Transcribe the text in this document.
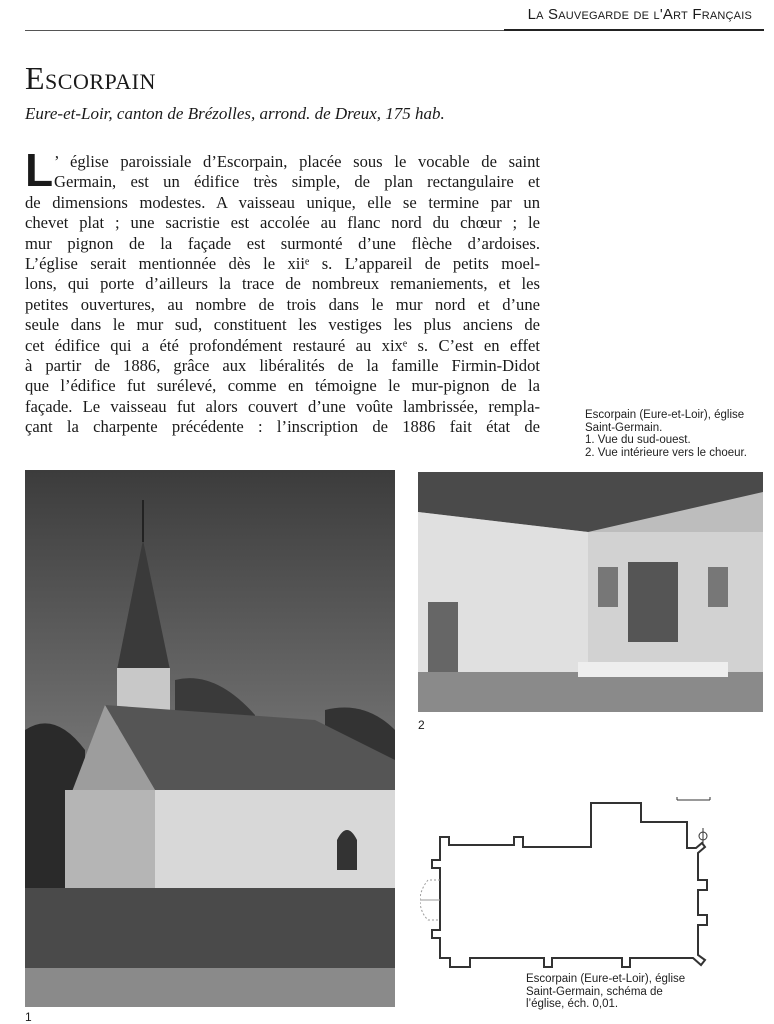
La Sauvegarde de l'Art Français
Escorpain
Eure-et-Loir, canton de Brézolles, arrond. de Dreux, 175 hab.
L ’ église paroissiale d’Escorpain, placée sous le vocable de saint
Germain, est un édifice très simple, de plan rectangulaire et
de dimensions modestes. A vaisseau unique, elle se termine par un
chevet plat ; une sacristie est accolée au flanc nord du chœur ; le
mur pignon de la façade est surmonté d’une flèche d’ardoises.
L’église serait mentionnée dès le xiiᵉ s. L’appareil de petits moel-
lons, qui porte d’ailleurs la trace de nombreux remaniements, et les
petites ouvertures, au nombre de trois dans le mur nord et d’une
seule dans le mur sud, constituent les vestiges les plus anciens de
cet édifice qui a été profondément restauré au xixᵉ s. C’est en effet
à partir de 1886, grâce aux libéralités de la famille Firmin-Didot
que l’édifice fut surélevé, comme en témoigne le mur-pignon de la
façade. Le vaisseau fut alors couvert d’une voûte lambrissée, rempla-
çant la charpente précédente : l’inscription de 1886 fait état de
Escorpain (Eure-et-Loir), église
Saint-Germain.
1. Vue du sud-ouest.
2. Vue intérieure vers le choeur.
1
2
Escorpain (Eure-et-Loir), église
Saint-Germain, schéma de
l’église, éch. 0,01.
